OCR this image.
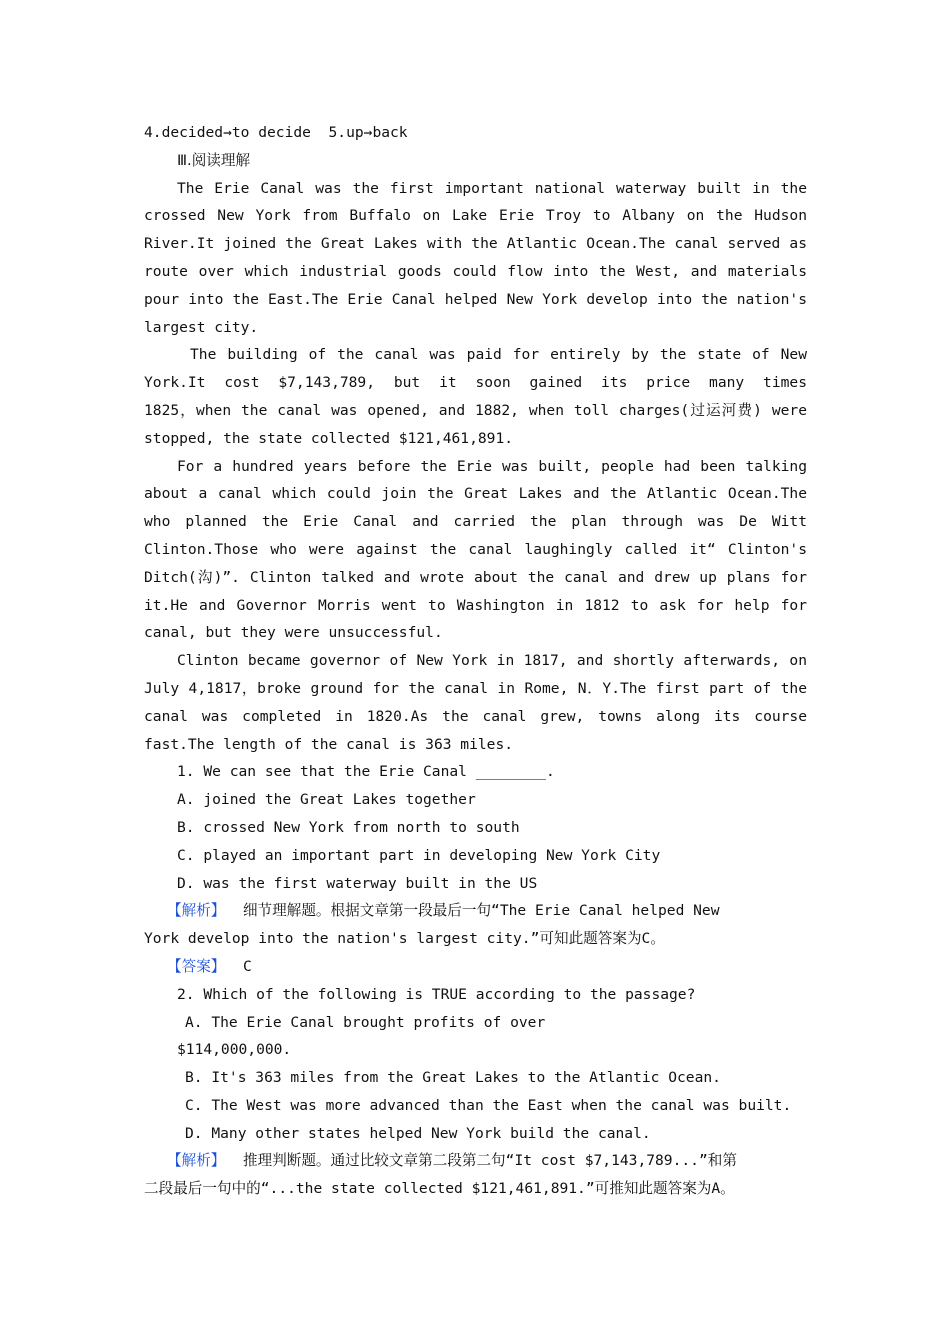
4.decided→to decide 5.up→back
Ⅲ.阅读理解
The Erie Canal was the first important national waterway built in the
crossed New York from Buffalo on Lake Erie Troy to Albany on the Hudson
River.It joined the Great Lakes with the Atlantic Ocean.The canal served as
route over which industrial goods could flow into the West, and materials
pour into the East.The Erie Canal helped New York develop into the nation's
largest city.
The building of the canal was paid for entirely by the state of New
York.It cost $7,143,789, but it soon gained its price many times
1825，when the canal was opened, and 1882, when toll charges(过运河费) were
stopped, the state collected $121,461,891.
For a hundred years before the Erie was built, people had been talking
about a canal which could join the Great Lakes and the Atlantic Ocean.The
who planned the Erie Canal and carried the plan through was De Witt
Clinton.Those who were against the canal laughingly called it“ Clinton's
Ditch(沟)”. Clinton talked and wrote about the canal and drew up plans for
it.He and Governor Morris went to Washington in 1812 to ask for help for
canal, but they were unsuccessful.
Clinton became governor of New York in 1817, and shortly afterwards, on
July 4,1817，broke ground for the canal in Rome, N．Y.The first part of the
canal was completed in 1820.As the canal grew, towns along its course
fast.The length of the canal is 363 miles.
1. We can see that the Erie Canal ________.
A. joined the Great Lakes together
B. crossed New York from north to south
C. played an important part in developing New York City
D. was the first waterway built in the US
【解析】  细节理解题。根据文章第一段最后一句“The Erie Canal helped New
York develop into the nation's largest city.”可知此题答案为C。
【答案】  C
2. Which of the following is TRUE according to the passage?
A. The Erie Canal brought profits of over
$114,000,000.
B. It's 363 miles from the Great Lakes to the Atlantic Ocean.
C. The West was more advanced than the East when the canal was built.
D. Many other states helped New York build the canal.
【解析】  推理判断题。通过比较文章第二段第二句“It cost $7,143,789...”和第
二段最后一句中的“...the state collected $121,461,891.”可推知此题答案为A。
